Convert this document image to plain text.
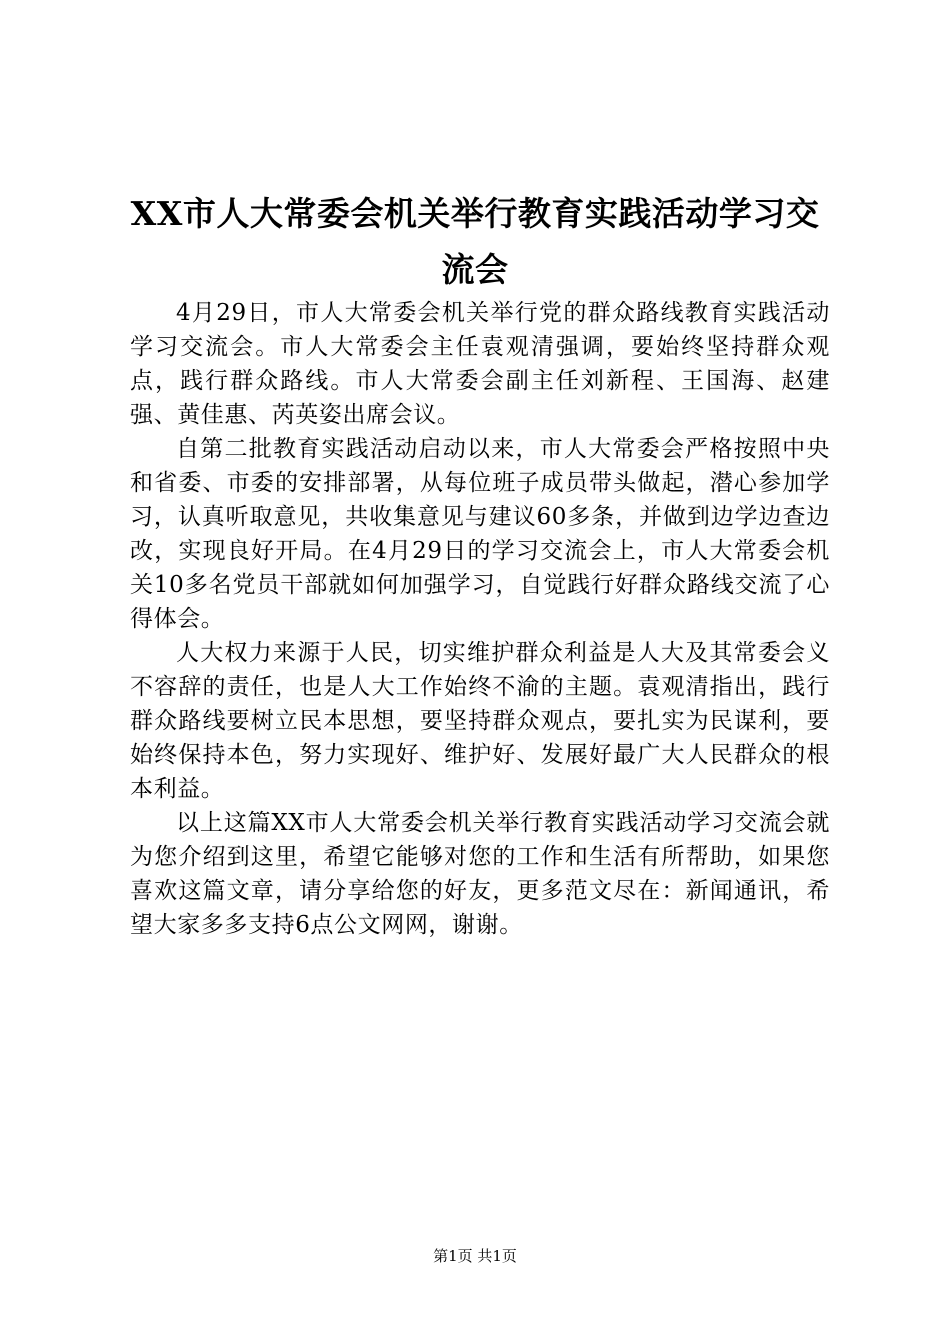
XX市人大常委会机关举行教育实践活动学习交流会

4月29日，市人大常委会机关举行党的群众路线教育实践活动学习交流会。市人大常委会主任袁观清强调，要始终坚持群众观点，践行群众路线。市人大常委会副主任刘新程、王国海、赵建强、黄佳惠、芮英姿出席会议。

自第二批教育实践活动启动以来，市人大常委会严格按照中央和省委、市委的安排部署，从每位班子成员带头做起，潜心参加学习，认真听取意见，共收集意见与建议60多条，并做到边学边查边改，实现良好开局。在4月29日的学习交流会上，市人大常委会机关10多名党员干部就如何加强学习，自觉践行好群众路线交流了心得体会。

人大权力来源于人民，切实维护群众利益是人大及其常委会义不容辞的责任，也是人大工作始终不渝的主题。袁观清指出，践行群众路线要树立民本思想，要坚持群众观点，要扎实为民谋利，要始终保持本色，努力实现好、维护好、发展好最广大人民群众的根本利益。

以上这篇XX市人大常委会机关举行教育实践活动学习交流会就为您介绍到这里，希望它能够对您的工作和生活有所帮助，如果您喜欢这篇文章，请分享给您的好友，更多范文尽在：新闻通讯，希望大家多多支持6点公文网网，谢谢。

第1页 共1页
